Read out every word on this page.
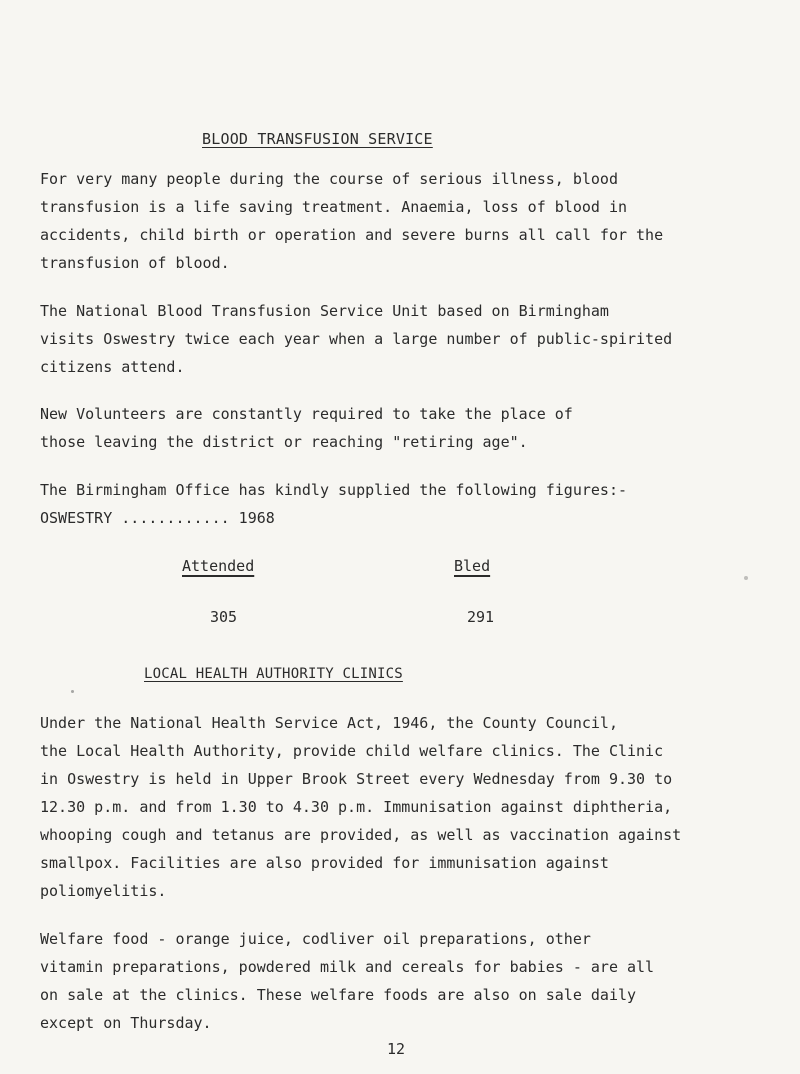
BLOOD TRANSFUSION SERVICE
For very many people during the course of serious illness, blood
transfusion is a life saving treatment. Anaemia, loss of blood in
accidents, child birth or operation and severe burns all call for the
transfusion of blood.
The National Blood Transfusion Service Unit based on Birmingham
visits Oswestry twice each year when a large number of public-spirited
citizens attend.
New Volunteers are constantly required to take the place of
those leaving the district or reaching "retiring age".
The Birmingham Office has kindly supplied the following figures:-
OSWESTRY ............ 1968
Attended	Bled
305	291
LOCAL HEALTH AUTHORITY CLINICS
Under the National Health Service Act, 1946, the County Council,
the Local Health Authority, provide child welfare clinics. The Clinic
in Oswestry is held in Upper Brook Street every Wednesday from 9.30 to
12.30 p.m. and from 1.30 to 4.30 p.m. Immunisation against diphtheria,
whooping cough and tetanus are provided, as well as vaccination against
smallpox. Facilities are also provided for immunisation against
poliomyelitis.
Welfare food - orange juice, codliver oil preparations, other
vitamin preparations, powdered milk and cereals for babies - are all
on sale at the clinics. These welfare foods are also on sale daily
except on Thursday.
12
